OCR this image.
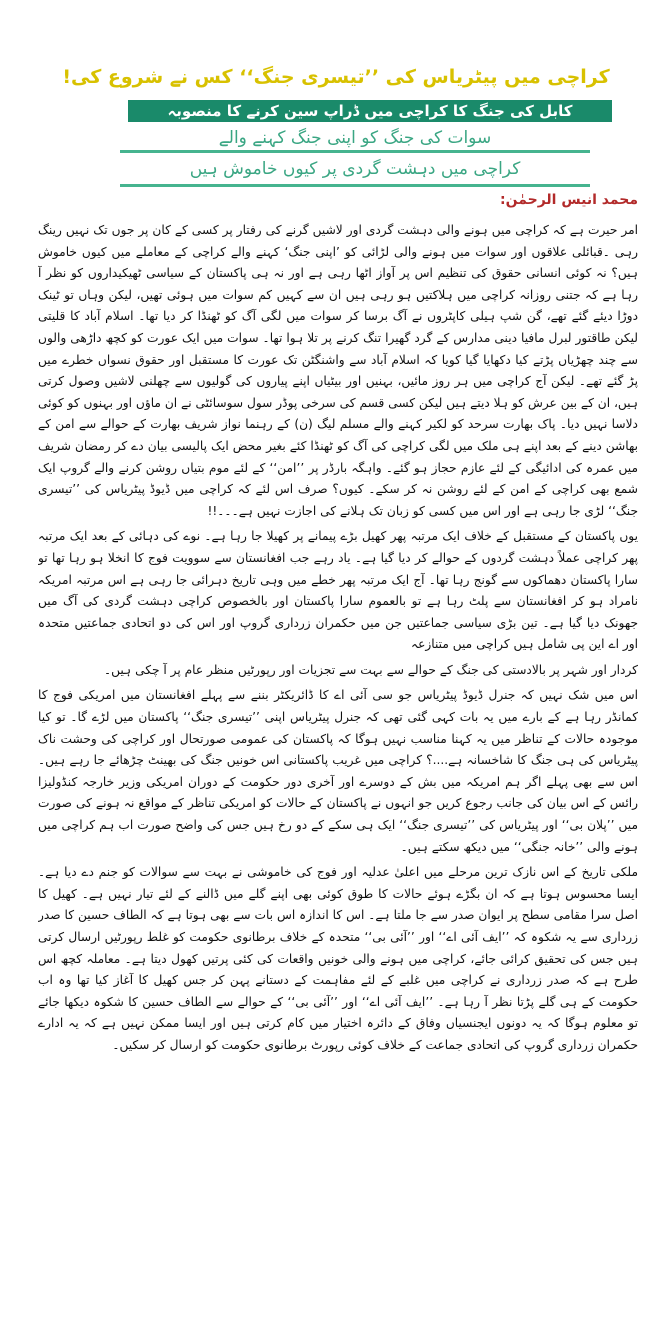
کراچی میں پیٹریاس کی ’’تیسری جنگ‘‘ کس نے شروع کی!
کابل کی جنگ کا کراچی میں ڈراپ سین کرنے کا منصوبہ
سوات کی جنگ کو اپنی جنگ کہنے والے
کراچی میں دہشت گردی پر کیوں خاموش ہیں
محمد انیس الرحمٰن:

امر حیرت ہے کہ کراچی میں ہونے والی دہشت گردی اور لاشیں گرنے کی رفتار پر کسی کے کان پر جوں تک نہیں رینگ رہی ۔قبائلی علاقوں اور سوات میں ہونے والی لڑائی کو ’اپنی جنگ‘ کہنے والے کراچی کے معاملے میں کیوں خاموش ہیں؟ نہ کوئی انسانی حقوق کی تنظیم اس پر آواز اٹھا رہی ہے اور نہ ہی پاکستان کے سیاسی ٹھیکیداروں کو نظر آ رہا ہے کہ جتنی روزانہ کراچی میں ہلاکتیں ہو رہی ہیں ان سے کہیں کم سوات میں ہوئی تھیں، لیکن وہاں تو ٹینک دوڑا دیئے گئے تھے، گن شپ ہیلی کاپٹروں نے آگ برسا کر سوات میں لگی آگ کو ٹھنڈا کر دیا تھا۔ اسلام آباد کا قلیتی لیکن طاقتور لبرل مافیا دینی مدارس کے گرد گھیرا تنگ کرنے پر تلا ہوا تھا۔ سوات میں ایک عورت کو کچھ داڑھی والوں سے چند چھڑیاں پڑتے کیا دکھایا گیا کویا کہ اسلام آباد سے واشنگٹن تک عورت کا مستقبل اور حقوق نسواں خطرے میں پڑ گئے تھے۔ لیکن آج کراچی میں ہر روز مائیں، بہنیں اور بیٹیاں اپنے پیاروں کی گولیوں سے چھلنی لاشیں وصول کرتی ہیں، ان کے بین عرش کو ہلا دیتے ہیں لیکن کسی قسم کی سرخی پوڈر سول سوسائٹی نے ان ماؤں اور بہنوں کو کوئی دلاسا نہیں دیا۔ پاک بھارت سرحد کو لکیر کہنے والے مسلم لیگ (ن) کے رہنما نواز شریف بھارت کے حوالے سے امن کے بھاشن دینے کے بعد اپنے ہی ملک میں لگی کراچی کی آگ کو ٹھنڈا کئے بغیر محض ایک پالیسی بیان دے کر رمضان شریف میں عمرہ کی ادائیگی کے لئے عازم حجاز ہو گئے۔ واہگہ بارڈر پر ’’امن‘‘ کے لئے موم بتیاں روشن کرنے والے گروپ ایک شمع بھی کراچی کے امن کے لئے روشن نہ کر سکے۔ کیوں؟ صرف اس لئے کہ کراچی میں ڈیوڈ پیٹریاس کی ’’تیسری جنگ‘‘ لڑی جا رہی ہے اور اس میں کسی کو زبان تک ہلانے کی اجازت نہیں ہے۔۔۔!!

یوں پاکستان کے مستقبل کے خلاف ایک مرتبہ پھر کھیل بڑے پیمانے پر کھیلا جا رہا ہے۔ نوے کی دہائی کے بعد ایک مرتبہ پھر کراچی عملاً دہشت گردوں کے حوالے کر دیا گیا ہے۔ یاد رہے جب افغانستان سے سوویت فوج کا انخلا ہو رہا تھا تو سارا پاکستان دھماکوں سے گونج رہا تھا۔ آج ایک مرتبہ پھر خطے میں وہی تاریخ دہرائی جا رہی ہے اس مرتبہ امریکہ نامراد ہو کر افغانستان سے پلٹ رہا ہے تو بالعموم سارا پاکستان اور بالخصوص کراچی دہشت گردی کی آگ میں جھونک دیا گیا ہے۔ تین بڑی سیاسی جماعتیں جن میں حکمران زرداری گروپ اور اس کی دو اتحادی جماعتیں متحدہ اور اے این پی شامل ہیں کراچی میں متنازعہ

کردار اور شہر پر بالادستی کی جنگ کے حوالے سے بہت سے تجزیات اور رپورٹیں منظر عام پر آ چکی ہیں۔

اس میں شک نہیں کہ جنرل ڈیوڈ پیٹریاس جو سی آئی اے کا ڈائریکٹر بننے سے پہلے افغانستان میں امریکی فوج کا کمانڈر رہا ہے کے بارے میں یہ بات کہی گئی تھی کہ جنرل پیٹریاس اپنی ’’تیسری جنگ‘‘ پاکستان میں لڑے گا۔ تو کیا موجودہ حالات کے تناظر میں یہ کہنا مناسب نہیں ہوگا کہ پاکستان کی عمومی صورتحال اور کراچی کی وحشت ناک پیٹریاس کی ہی جنگ کا شاخسانہ ہے....؟ کراچی میں غریب پاکستانی اس خونیں جنگ کی بھینٹ چڑھائے جا رہے ہیں۔ اس سے بھی پہلے اگر ہم امریکہ میں بش کے دوسرے اور آخری دور حکومت کے دوران امریکی وزیر خارجہ کنڈولیزا رائس کے اس بیان کی جانب رجوع کریں جو انہوں نے پاکستان کے حالات کو امریکی تناظر کے مواقع نہ ہونے کی صورت میں ’’پلان بی‘‘ اور پیٹریاس کی ’’تیسری جنگ‘‘ ایک ہی سکے کے دو رخ ہیں جس کی واضح صورت اب ہم کراچی میں ہونے والی ’’خانہ جنگی‘‘ میں دیکھ سکتے ہیں۔

ملکی تاریخ کے اس نازک ترین مرحلے میں اعلیٰ عدلیہ اور فوج کی خاموشی نے بہت سے سوالات کو جنم دے دیا ہے۔ ایسا محسوس ہوتا ہے کہ ان بگڑے ہوئے حالات کا طوق کوئی بھی اپنے گلے میں ڈالنے کے لئے تیار نہیں ہے۔ کھیل کا اصل سرا مقامی سطح پر ایوان صدر سے جا ملتا ہے۔ اس کا اندازہ اس بات سے بھی ہوتا ہے کہ الطاف حسین کا صدر زرداری سے یہ شکوہ کہ ’’ایف آئی اے‘‘ اور ’’آئی بی‘‘ متحدہ کے خلاف برطانوی حکومت کو غلط رپورٹیں ارسال کرتی ہیں جس کی تحقیق کرائی جائے، کراچی میں ہونے والی خونیں واقعات کی کئی پرتیں کھول دیتا ہے۔ معاملہ کچھ اس طرح ہے کہ صدر زرداری نے کراچی میں غلبے کے لئے مفاہمت کے دستانے پہن کر جس کھیل کا آغاز کیا تھا وہ اب حکومت کے ہی گلے پڑتا نظر آ رہا ہے۔ ’’ایف آئی اے‘‘ اور ’’آئی بی‘‘ کے حوالے سے الطاف حسین کا شکوہ دیکھا جائے تو معلوم ہوگا کہ یہ دونوں ایجنسیاں وفاق کے دائرہ اختیار میں کام کرتی ہیں اور ایسا ممکن نہیں ہے کہ یہ ادارے حکمران زرداری گروپ کی اتحادی جماعت کے خلاف کوئی رپورٹ برطانوی حکومت کو ارسال کر سکیں۔
